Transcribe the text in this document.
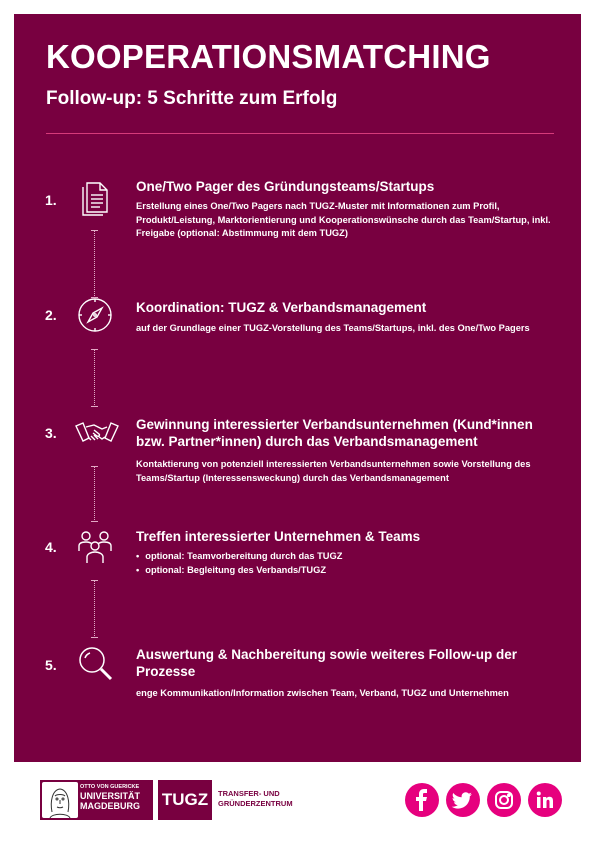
KOOPERATIONSMATCHING
Follow-up: 5 Schritte zum Erfolg
1.
One/Two Pager des Gründungsteams/Startups
Erstellung eines One/Two Pagers nach TUGZ-Muster mit Informationen zum Profil, Produkt/Leistung, Marktorientierung und Kooperationswünsche durch das Team/Startup, inkl. Freigabe (optional: Abstimmung mit dem TUGZ)
2.	Koordination: TUGZ & Verbandsmanagement
auf der Grundlage einer TUGZ-Vorstellung des Teams/Startups, inkl. des One/Two Pagers
3.
Gewinnung interessierter Verbandsunternehmen (Kund*innen bzw. Partner*innen) durch das Verbandsmanagement
Kontaktierung von potenziell interessierten Verbandsunternehmen sowie Vorstellung des Teams/Startup (Interessensweckung) durch das Verbandsmanagement
4.
Treffen interessierter Unternehmen & Teams
• optional: Teamvorbereitung durch das TUGZ
• optional: Begleitung des Verbands/TUGZ
5.
Auswertung & Nachbereitung sowie weiteres Follow-up der Prozesse
enge Kommunikation/Information zwischen Team, Verband, TUGZ und Unternehmen
OTTO VON GUERICKE
UNIVERSITÄT
MAGDEBURG TUGZ	TRANSFER- UND
GRÜNDERZENTRUM
